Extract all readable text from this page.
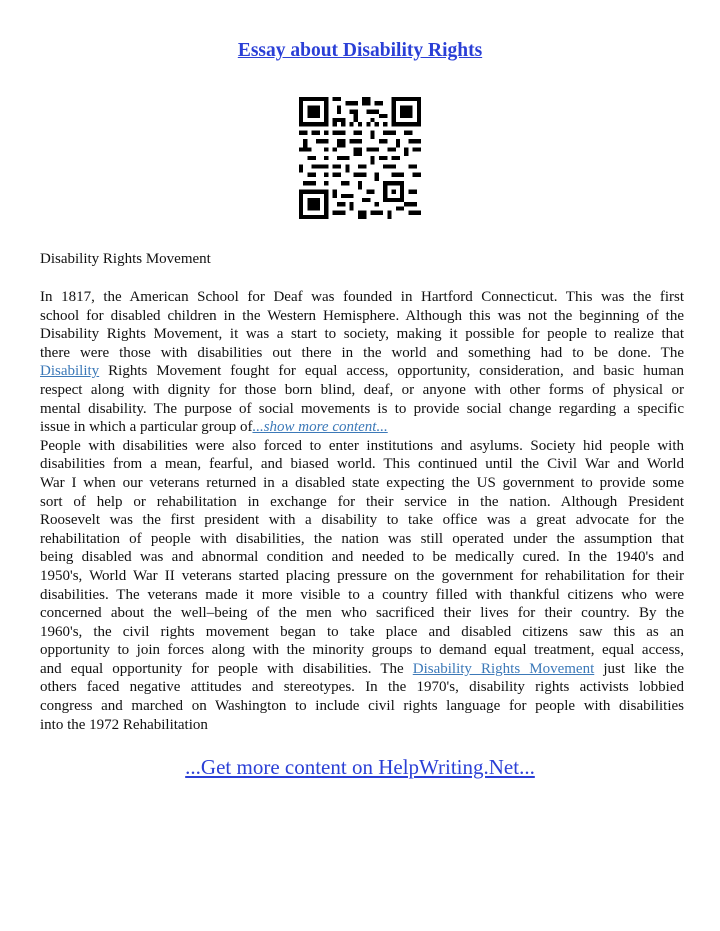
Essay about Disability Rights

Disability Rights Movement

In 1817, the American School for Deaf was founded in Hartford Connecticut. This was the first
school for disabled children in the Western Hemisphere. Although this was not the beginning of the
Disability Rights Movement, it was a start to society, making it possible for people to realize that
there were those with disabilities out there in the world and something had to be done. The
Disability Rights Movement fought for equal access, opportunity, consideration, and basic human
respect along with dignity for those born blind, deaf, or anyone with other forms of physical or
mental disability. The purpose of social movements is to provide social change regarding a specific
issue in which a particular group of...show more content...

People with disabilities were also forced to enter institutions and asylums. Society hid people with
disabilities from a mean, fearful, and biased world. This continued until the Civil War and World
War I when our veterans returned in a disabled state expecting the US government to provide some
sort of help or rehabilitation in exchange for their service in the nation. Although President
Roosevelt was the first president with a disability to take office was a great advocate for the
rehabilitation of people with disabilities, the nation was still operated under the assumption that
being disabled was and abnormal condition and needed to be medically cured. In the 1940's and
1950's, World War II veterans started placing pressure on the government for rehabilitation for their
disabilities. The veterans made it more visible to a country filled with thankful citizens who were
concerned about the well–being of the men who sacrificed their lives for their country. By the
1960's, the civil rights movement began to take place and disabled citizens saw this as an
opportunity to join forces along with the minority groups to demand equal treatment, equal access,
and equal opportunity for people with disabilities. The Disability Rights Movement just like the
others faced negative attitudes and stereotypes. In the 1970's, disability rights activists lobbied
congress and marched on Washington to include civil rights language for people with disabilities
into the 1972 Rehabilitation

...Get more content on HelpWriting.Net...
